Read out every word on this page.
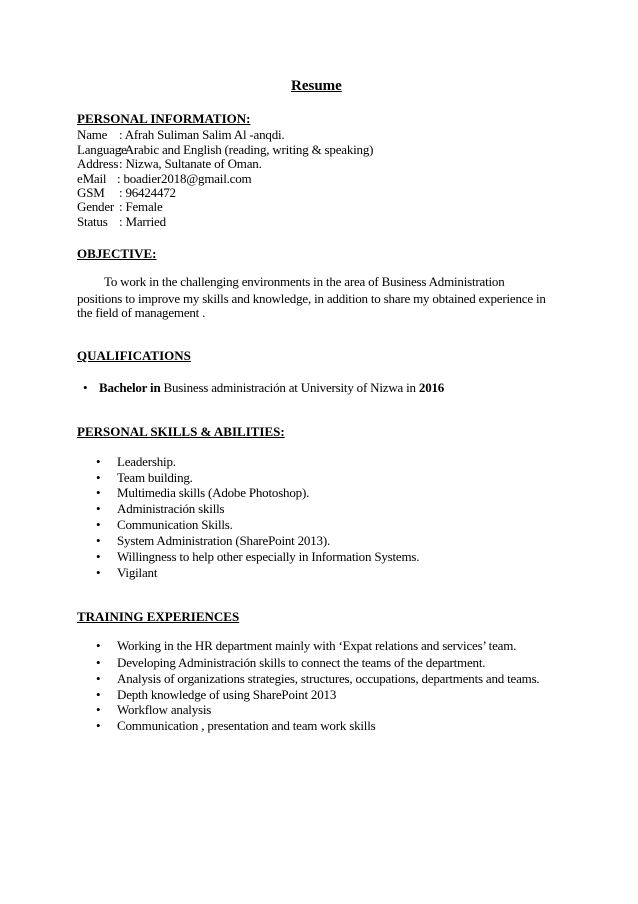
Resume
PERSONAL INFORMATION:
Name : Afrah Suliman Salim Al -anqdi.
Language
: Arabic and English (reading, writing & speaking)
Address : Nizwa, Sultanate of Oman.
eMail : boadier2018@gmail.com
GSM : 96424472
Gender : Female
Status : Married
OBJECTIVE:
To work in the challenging environments in the area of Business Administration
positions to improve my skills and knowledge, in addition to share my obtained experience in
the field of management .
QUALIFICATIONS
• Bachelor in Business administración at University of Nizwa in 2016
PERSONAL SKILLS & ABILITIES:
• Leadership.
• Team building.
• Multimedia skills (Adobe Photoshop).
• Administración skills
• Communication Skills.
• System Administration (SharePoint 2013).
• Willingness to help other especially in Information Systems.
• Vigilant
TRAINING EXPERIENCES
• Working in the HR department mainly with ‘Expat relations and services’ team.
• Developing Administración skills to connect the teams of the department.
• Analysis of organizations strategies, structures, occupations, departments and teams.
• Depth knowledge of using SharePoint 2013
• Workflow analysis
• Communication , presentation and team work skills
